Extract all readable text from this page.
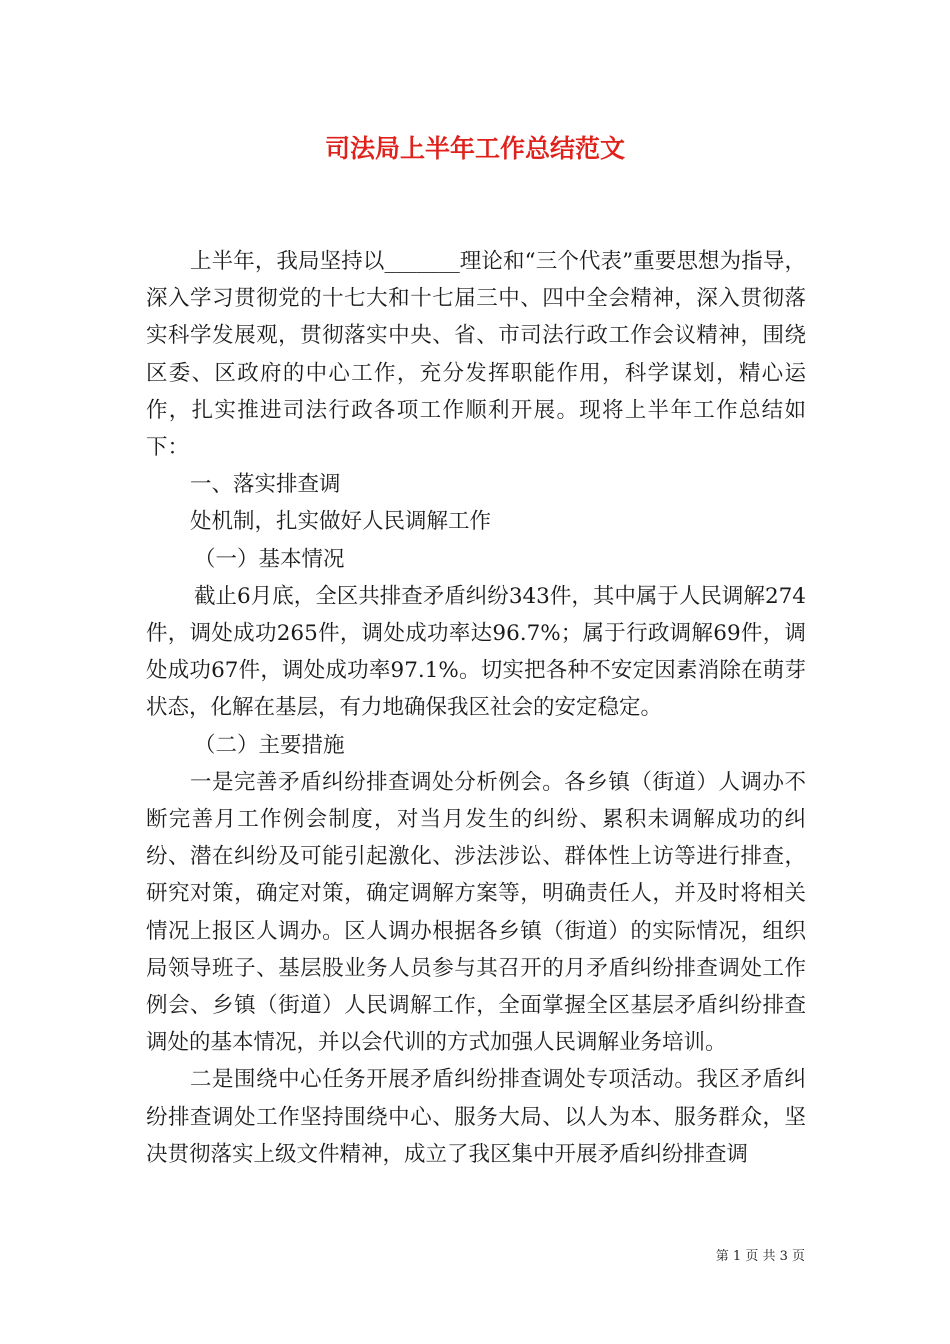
司法局上半年工作总结范文

上半年，我局坚持以_______理论和“三个代表”重要思想为指导，深入学习贯彻党的十七大和十七届三中、四中全会精神，深入贯彻落实科学发展观，贯彻落实中央、省、市司法行政工作会议精神，围绕区委、区政府的中心工作，充分发挥职能作用，科学谋划，精心运作，扎实推进司法行政各项工作顺利开展。现将上半年工作总结如下：

一、落实排查调

处机制，扎实做好人民调解工作

（一）基本情况

截止6月底，全区共排查矛盾纠纷343件，其中属于人民调解274件，调处成功265件，调处成功率达96.7%；属于行政调解69件，调处成功67件，调处成功率97.1%。切实把各种不安定因素消除在萌芽状态，化解在基层，有力地确保我区社会的安定稳定。

（二）主要措施

一是完善矛盾纠纷排查调处分析例会。各乡镇（街道）人调办不断完善月工作例会制度，对当月发生的纠纷、累积未调解成功的纠纷、潜在纠纷及可能引起激化、涉法涉讼、群体性上访等进行排查，研究对策，确定对策，确定调解方案等，明确责任人，并及时将相关情况上报区人调办。区人调办根据各乡镇（街道）的实际情况，组织局领导班子、基层股业务人员参与其召开的月矛盾纠纷排查调处工作例会、乡镇（街道）人民调解工作，全面掌握全区基层矛盾纠纷排查调处的基本情况，并以会代训的方式加强人民调解业务培训。

二是围绕中心任务开展矛盾纠纷排查调处专项活动。我区矛盾纠纷排查调处工作坚持围绕中心、服务大局、以人为本、服务群众，坚决贯彻落实上级文件精神，成立了我区集中开展矛盾纠纷排查调

第 1 页 共 3 页
